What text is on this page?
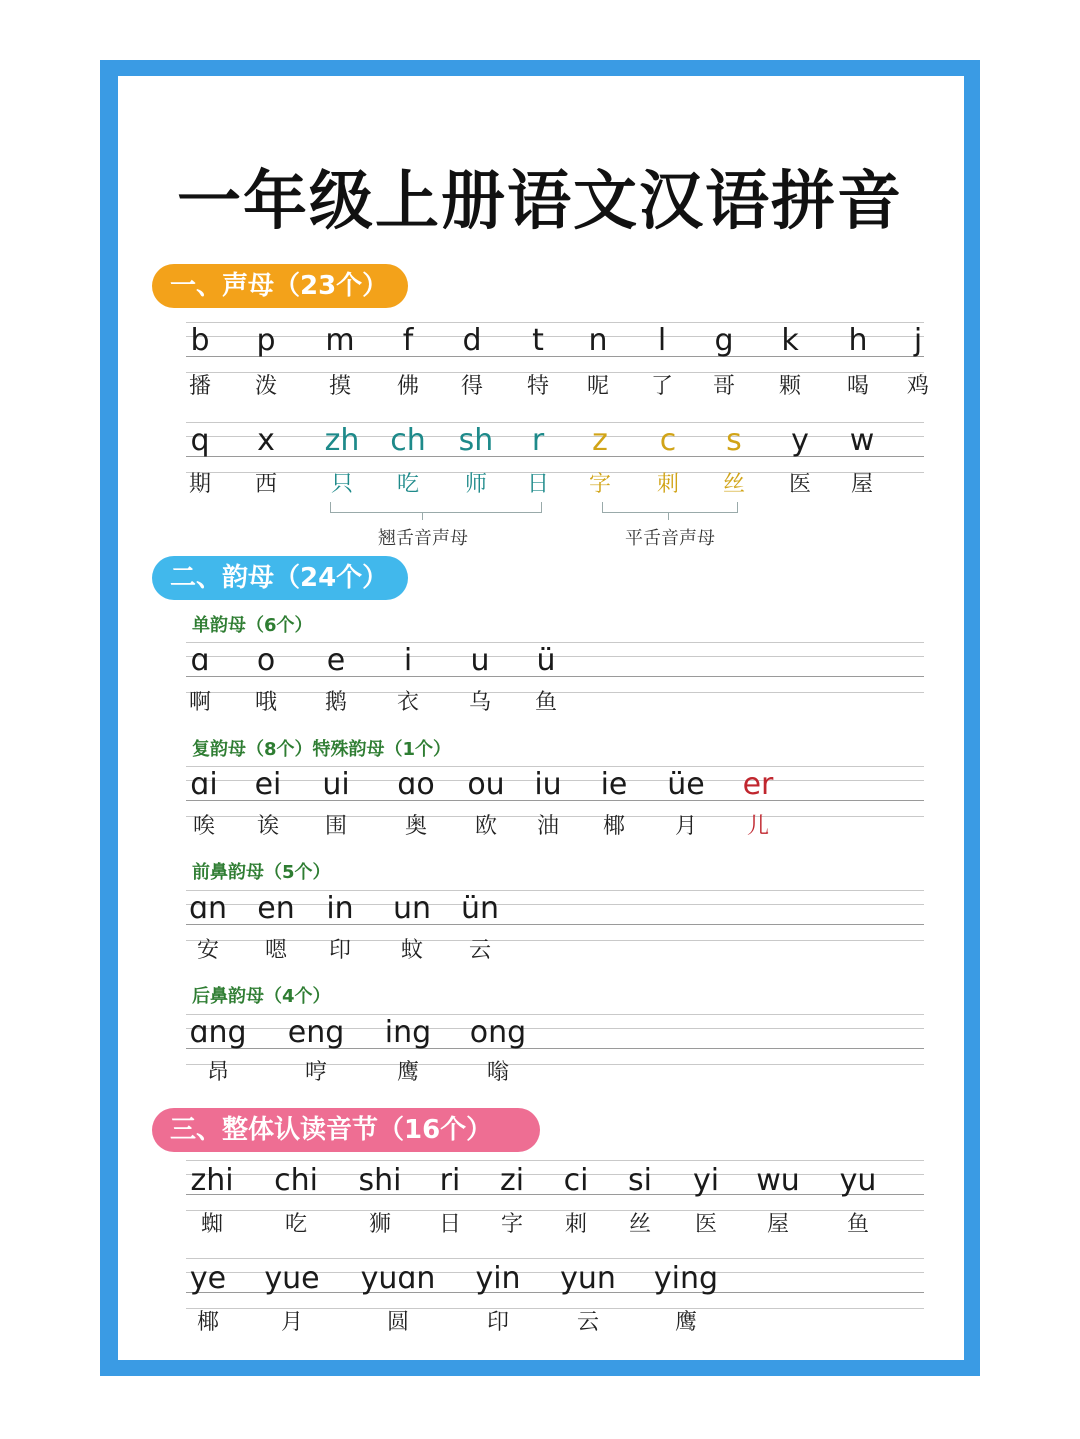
一年级上册语文汉语拼音
一、声母（23个）
b p m f d t n l g k h j
播 泼 摸 佛 得 特 呢 了 哥 颗 喝 鸡
q x zh ch sh r z c s y w
期 西 只 吃 师 日 字 刺 丝 医 屋
ɑ o e i u ü
啊 哦 鹅 衣 乌 鱼
ɑi ei ui ɑo ou iu ie üe er
唉 诶 围	奥 欧 油 椰 月 儿
ɑn en in un ün
安 嗯 印 蚊 云
ɑng eng ing ong
昂	哼	鹰	嗡
zhi chi shi ri zi ci si yi wu yu
蜘	吃	狮 日 字 刺 丝 医 屋	鱼
ye yue yuɑn yin yun ying
椰	月	圆	印	云	鹰
翘舌音声母	平舌音声母
二、韵母（24个）
单韵母（6个）
复韵母（8个）特殊韵母（1个）
前鼻韵母（5个）
后鼻韵母（4个）
三、整体认读音节（16个）
